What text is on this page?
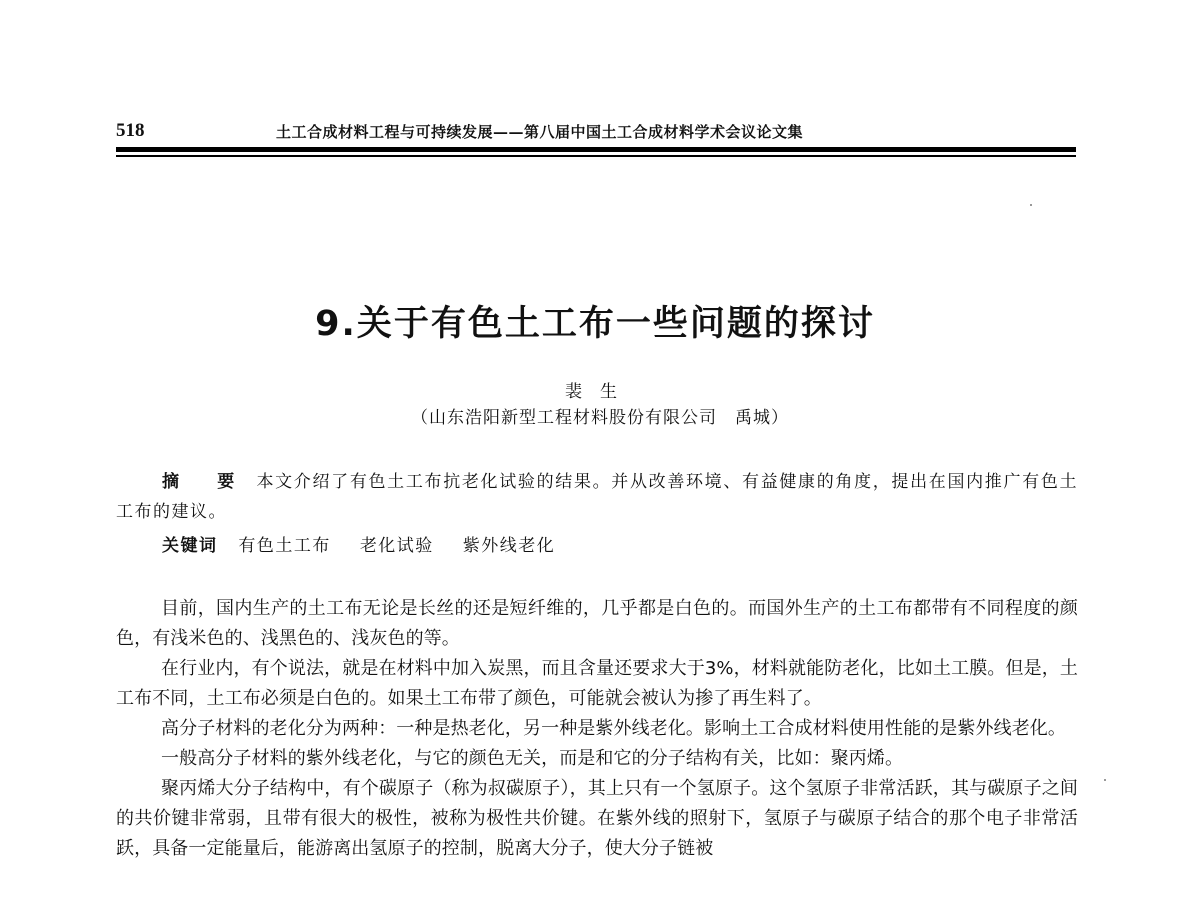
518	土工合成材料工程与可持续发展——第八届中国土工合成材料学术会议论文集
9.关于有色土工布一些问题的探讨
裴生
（山东浩阳新型工程材料股份有限公司　禹城）

摘 要 本文介绍了有色土工布抗老化试验的结果。并从改善环境、有益健康的角度，提出在国内推广有色土工布的建议。

关键词 有色土工布 老化试验 紫外线老化

目前，国内生产的土工布无论是长丝的还是短纤维的，几乎都是白色的。而国外生产的土工布都带有不同程度的颜色，有浅米色的、浅黑色的、浅灰色的等。

在行业内，有个说法，就是在材料中加入炭黑，而且含量还要求大于3%，材料就能防老化，比如土工膜。但是，土工布不同，土工布必须是白色的。如果土工布带了颜色，可能就会被认为掺了再生料了。

高分子材料的老化分为两种：一种是热老化，另一种是紫外线老化。影响土工合成材料使用性能的是紫外线老化。

一般高分子材料的紫外线老化，与它的颜色无关，而是和它的分子结构有关，比如：聚丙烯。

聚丙烯大分子结构中，有个碳原子（称为叔碳原子），其上只有一个氢原子。这个氢原子非常活跃，其与碳原子之间的共价键非常弱，且带有很大的极性，被称为极性共价键。在紫外线的照射下，氢原子与碳原子结合的那个电子非常活跃，具备一定能量后，能游离出氢原子的控制，脱离大分子，使大分子链被
